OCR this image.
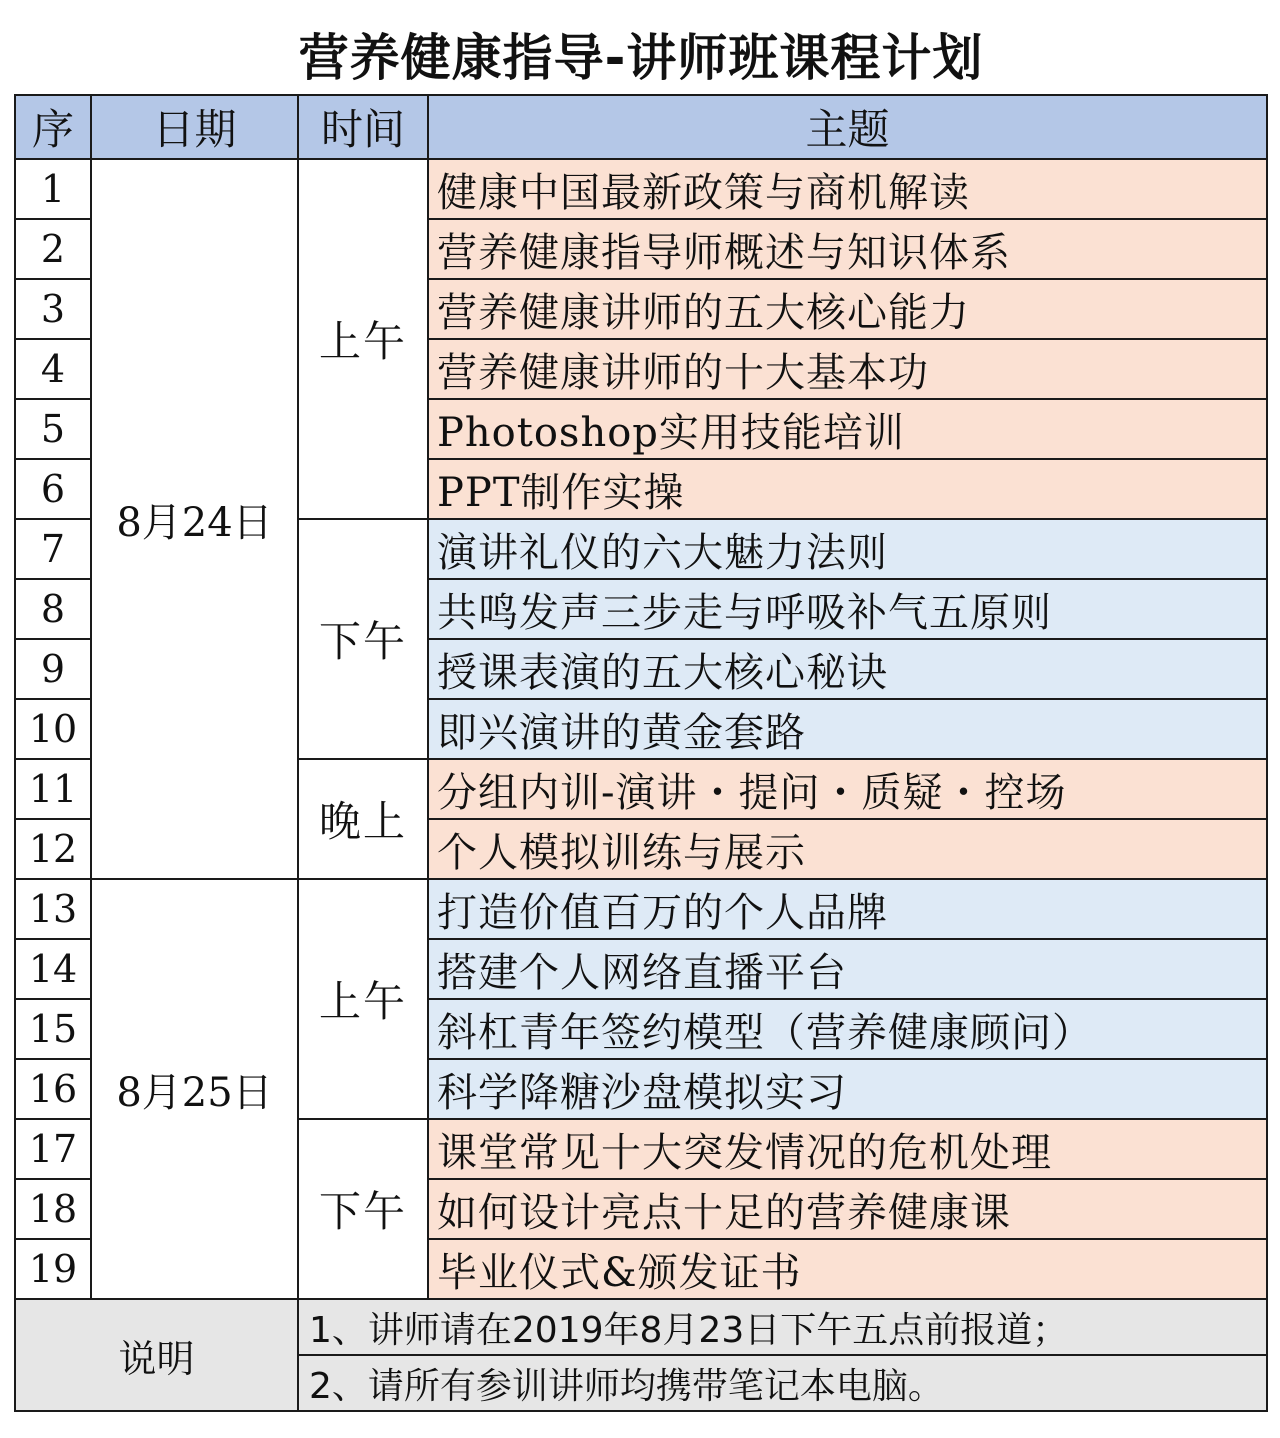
营养健康指导-讲师班课程计划			
序	日期	时间	主题
1	8月24日	上午	健康中国最新政策与商机解读
2			营养健康指导师概述与知识体系
3			营养健康讲师的五大核心能力
4			营养健康讲师的十大基本功
5			Photoshop实用技能培训
6			PPT制作实操
7		下午	演讲礼仪的六大魅力法则
8			共鸣发声三步走与呼吸补气五原则
9			授课表演的五大核心秘诀
10			即兴演讲的黄金套路
11		晚上	分组内训-演讲・提问・质疑・控场
12			个人模拟训练与展示
13	8月25日	上午	打造价值百万的个人品牌
14			搭建个人网络直播平台
15			斜杠青年签约模型（营养健康顾问）
16			科学降糖沙盘模拟实习
17		下午	课堂常见十大突发情况的危机处理
18			如何设计亮点十足的营养健康课
19			毕业仪式&颁发证书
说明		1、讲师请在2019年8月23日下午五点前报道；	
		2、请所有参训讲师均携带笔记本电脑。	
